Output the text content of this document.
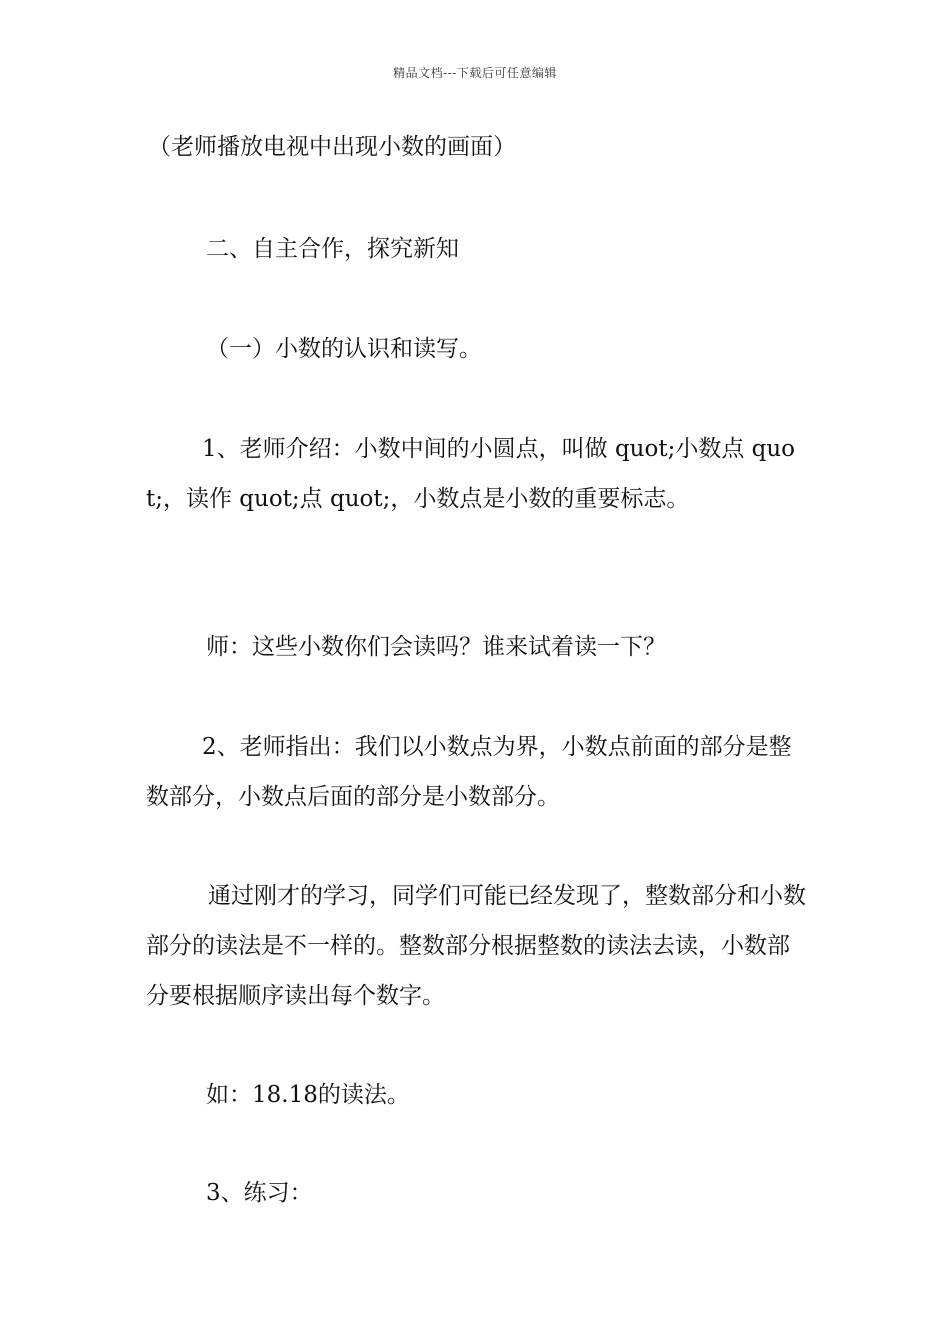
精品文档---下载后可任意编辑

（老师播放电视中出现小数的画面）

二、自主合作，探究新知

（一）小数的认识和读写。

1、老师介绍：小数中间的小圆点，叫做 quot;小数点 quot;，读作 quot;点 quot;，小数点是小数的重要标志。

师：这些小数你们会读吗？谁来试着读一下？

2、老师指出：我们以小数点为界，小数点前面的部分是整数部分，小数点后面的部分是小数部分。

通过刚才的学习，同学们可能已经发现了，整数部分和小数部分的读法是不一样的。整数部分根据整数的读法去读，小数部分要根据顺序读出每个数字。

如：18.18的读法。

3、练习：
